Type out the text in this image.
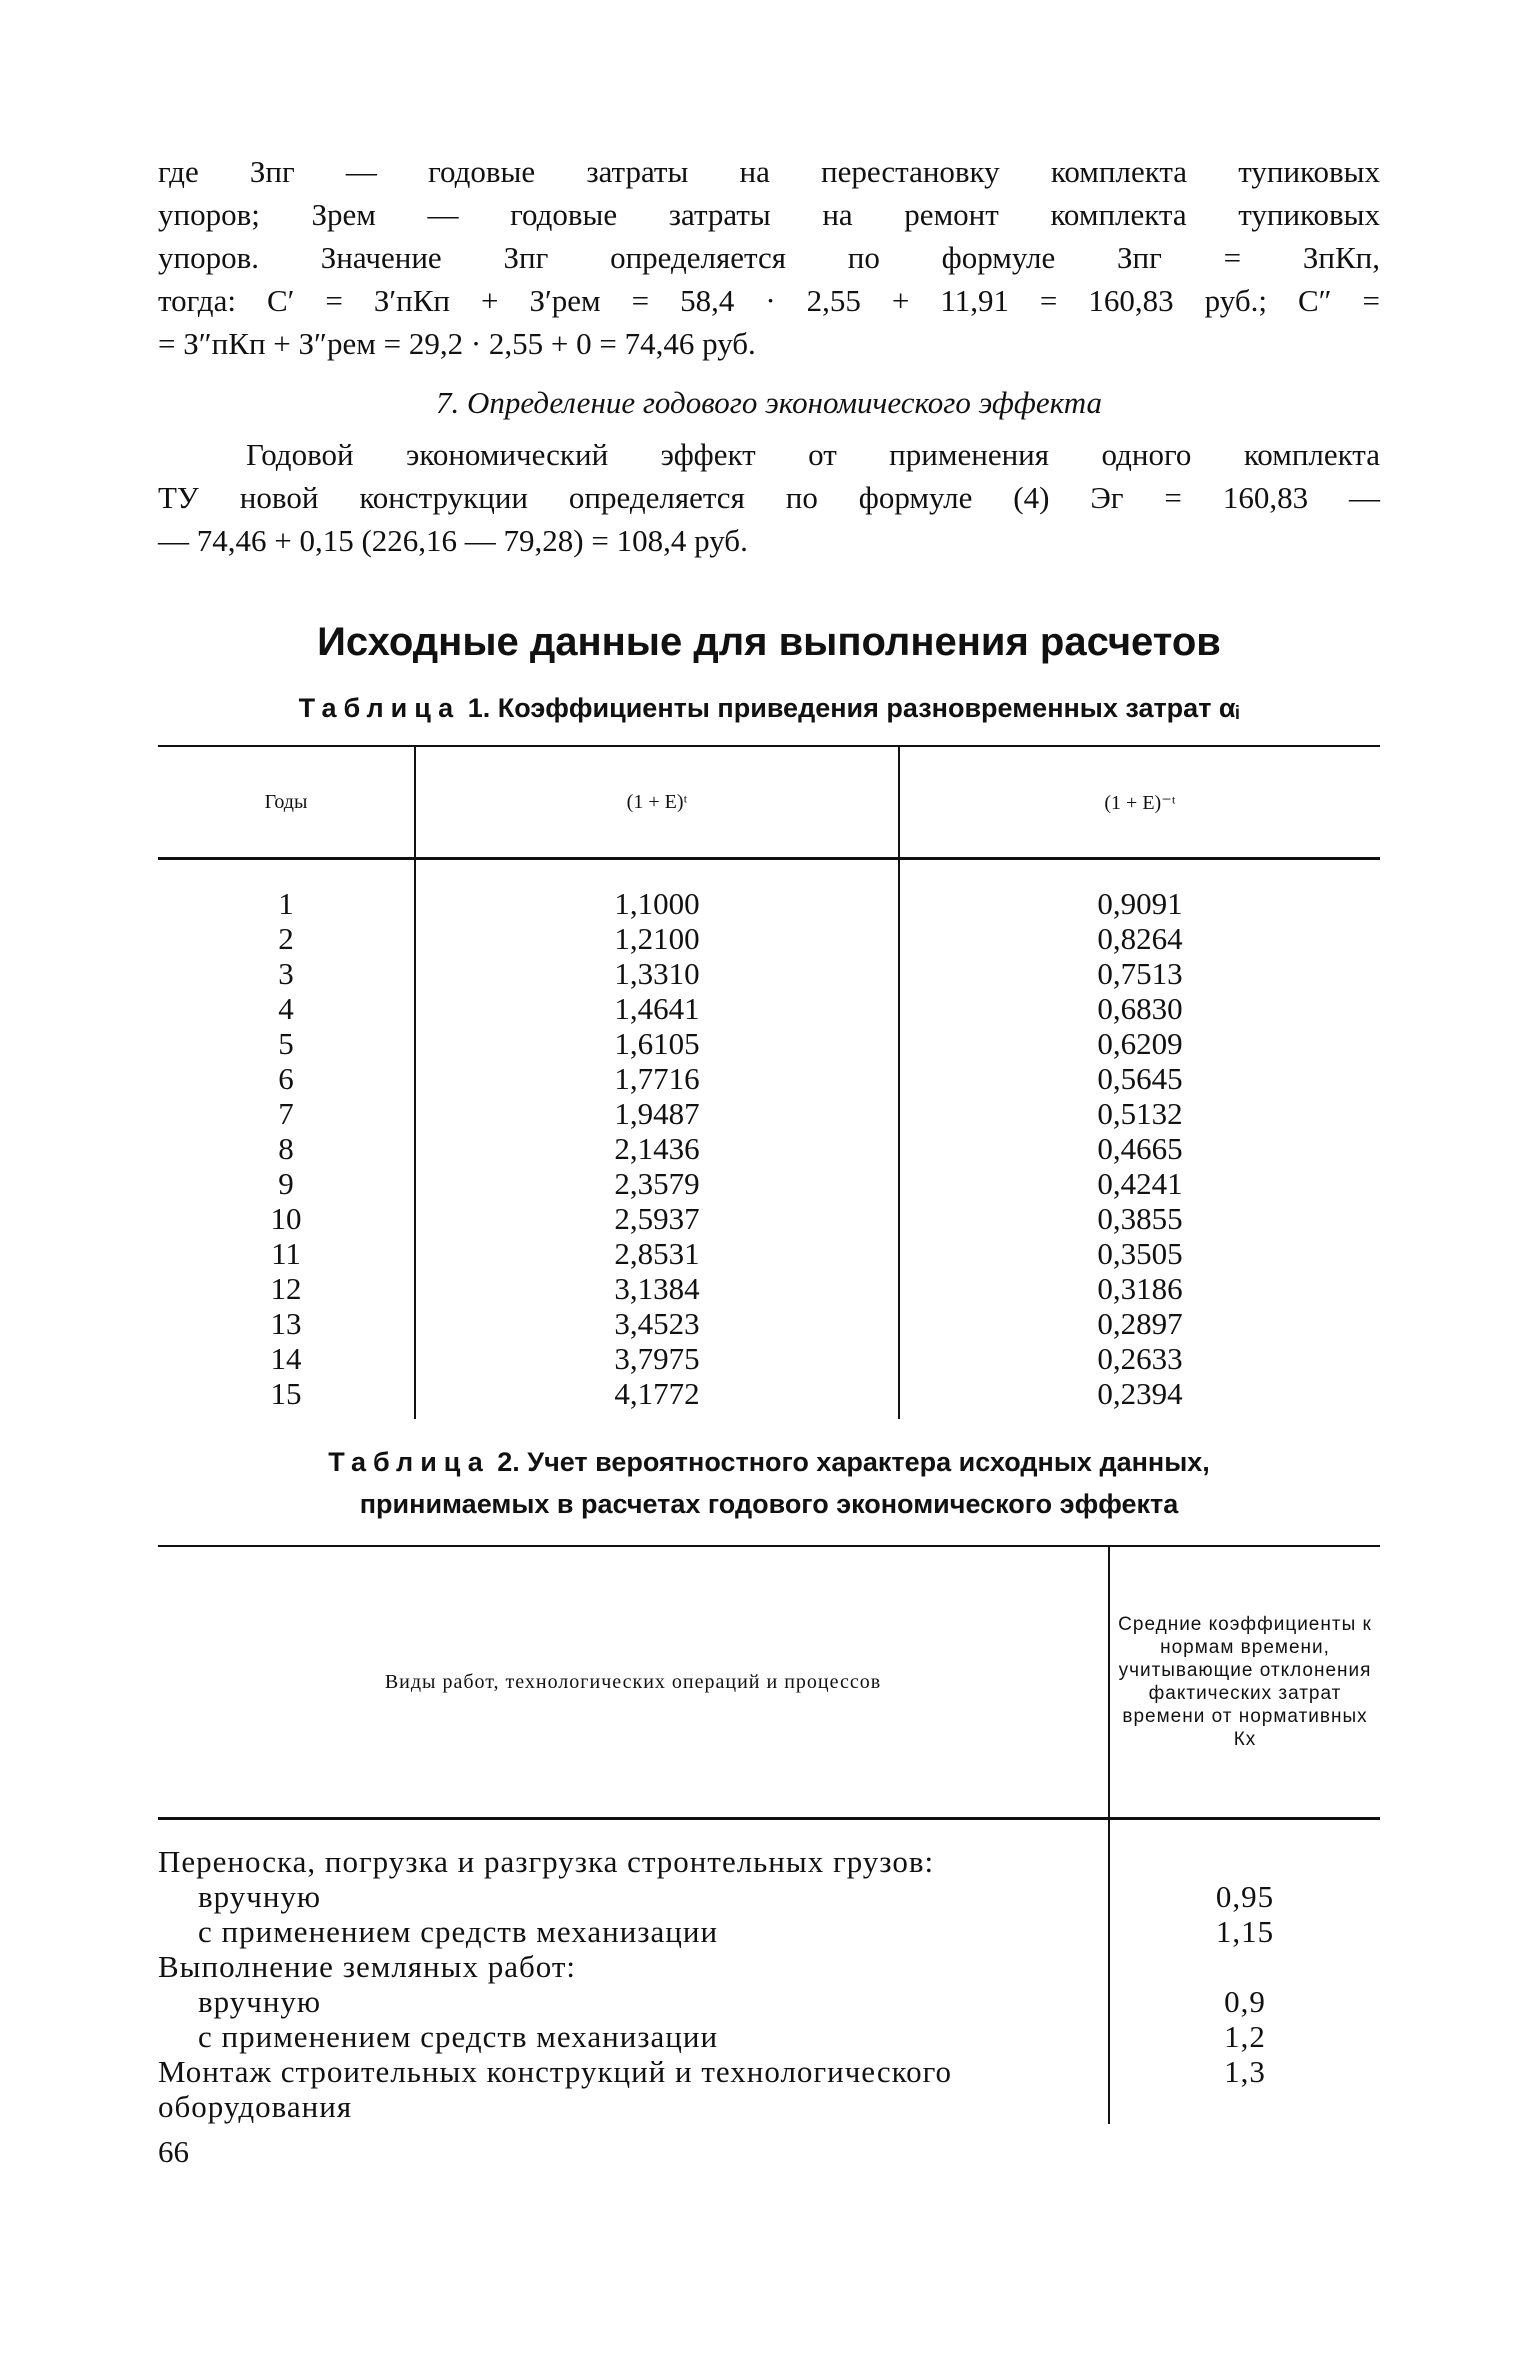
где Зпг — годовые затраты на перестановку комплекта тупиковых
упоров; Зрем — годовые затраты на ремонт комплекта тупиковых
упоров. Значение Зпг определяется по формуле Зпг = ЗпКп,
тогда: С′ = З′пКп + З′рем = 58,4 · 2,55 + 11,91 = 160,83 руб.; С″ =
= З″пКп + З″рем = 29,2 · 2,55 + 0 = 74,46 руб.

7. Определение годового экономического эффекта

Годовой экономический эффект от применения одного комплекта
ТУ новой конструкции определяется по формуле (4) Эг = 160,83 —
— 74,46 + 0,15 (226,16 — 79,28) = 108,4 руб.

Исходные данные для выполнения расчетов
Таблица 1. Коэффициенты приведения разновременных затрат αᵢ
Годы	(1 + E)ᵗ	(1 + E)⁻ᵗ
1	1,1000	0,9091
2	1,2100	0,8264
3	1,3310	0,7513
4	1,4641	0,6830
5	1,6105	0,6209
6	1,7716	0,5645
7	1,9487	0,5132
8	2,1436	0,4665
9	2,3579	0,4241
10	2,5937	0,3855
11	2,8531	0,3505
12	3,1384	0,3186
13	3,4523	0,2897
14	3,7975	0,2633
15	4,1772	0,2394
Таблица 2. Учет вероятностного характера исходных данных,
принимаемых в расчетах годового экономического эффекта
Виды работ, технологических операций и процессов	Средние коэффициенты к нормам времени, учитывающие отклонения фактических затрат времени от нормативных Кх
Переноска, погрузка и разгрузка стронтельных грузов:	
вручную	0,95
с применением средств механизации	1,15
Выполнение земляных работ:	
вручную	0,9
с применением средств механизации	1,2
Монтаж строительных конструкций и технологического	1,3
оборудования	
66
